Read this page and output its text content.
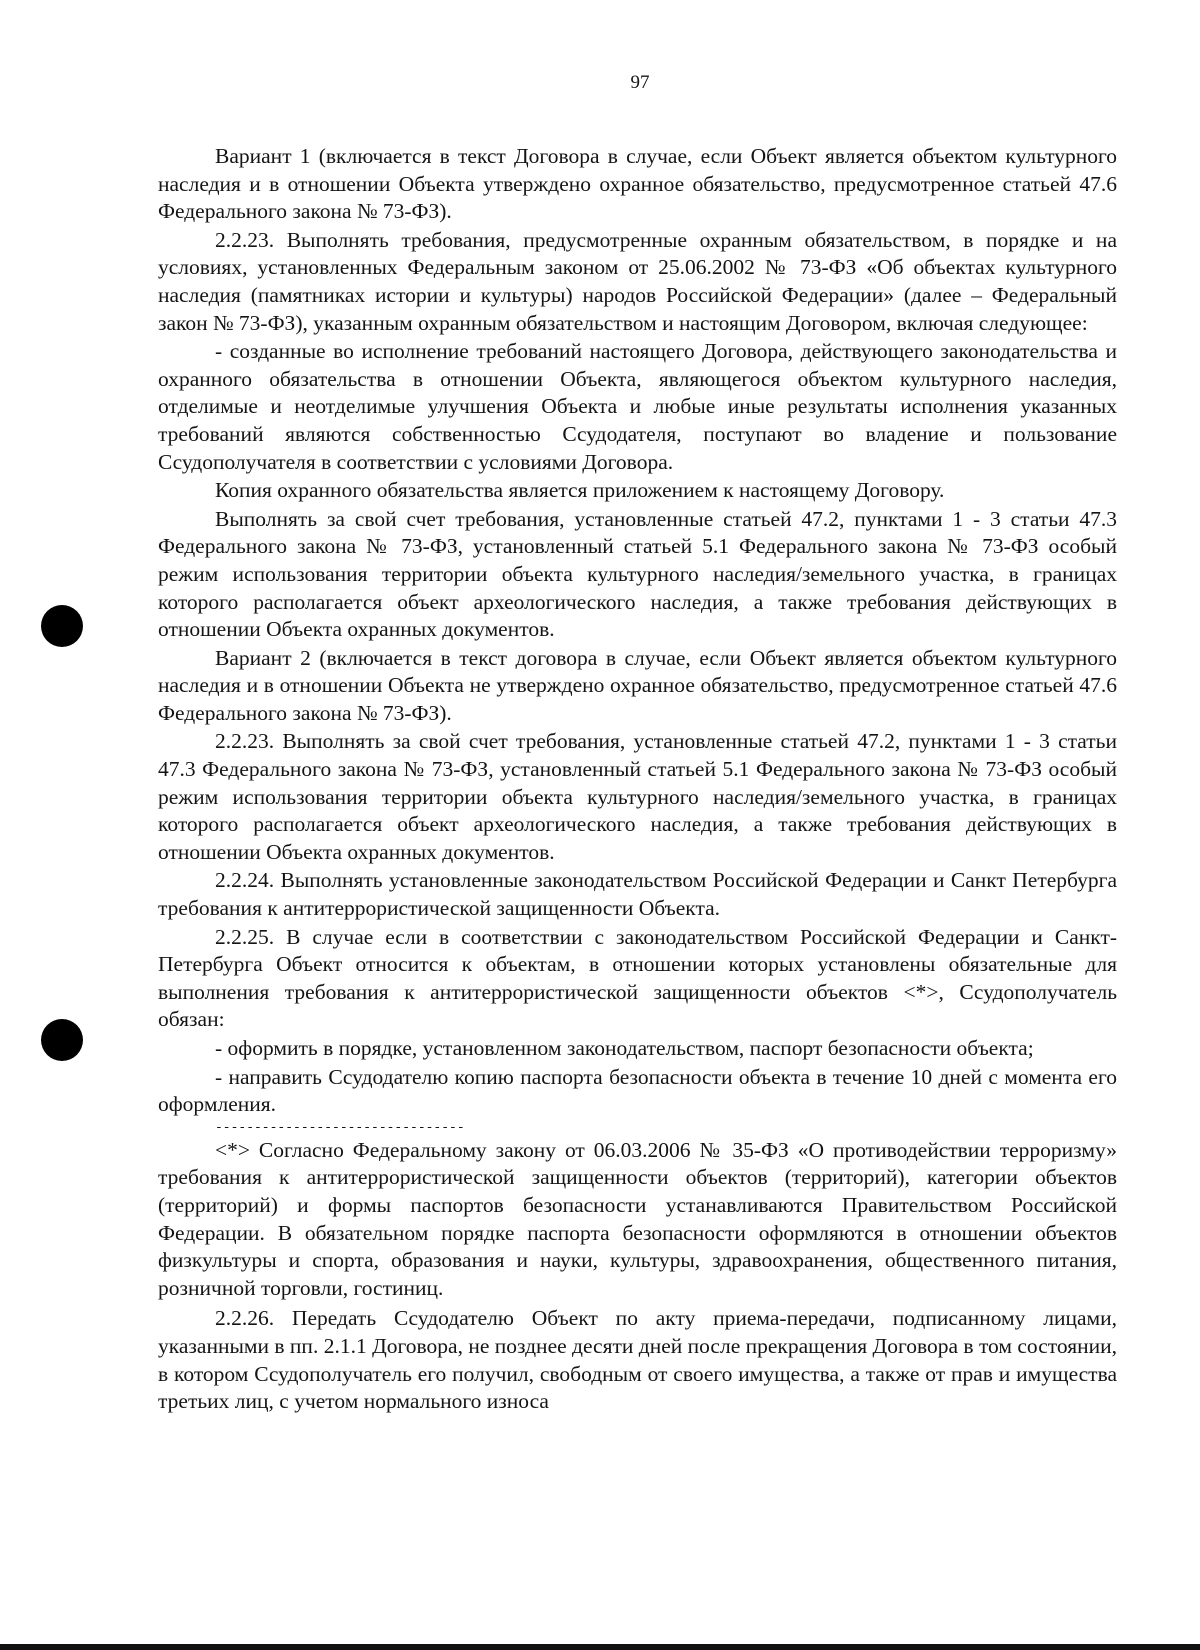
97

Вариант 1 (включается в текст Договора в случае, если Объект является объектом культурного наследия и в отношении Объекта утверждено охранное обязательство, предусмотренное статьей 47.6 Федерального закона № 73-ФЗ).

2.2.23. Выполнять требования, предусмотренные охранным обязательством, в порядке и на условиях, установленных Федеральным законом от 25.06.2002 № 73-ФЗ «Об объектах культурного наследия (памятниках истории и культуры) народов Российской Федерации» (далее – Федеральный закон № 73-ФЗ), указанным охранным обязательством и настоящим Договором, включая следующее:

- созданные во исполнение требований настоящего Договора, действующего законодательства и охранного обязательства в отношении Объекта, являющегося объектом культурного наследия, отделимые и неотделимые улучшения Объекта и любые иные результаты исполнения указанных требований являются собственностью Ссудодателя, поступают во владение и пользование Ссудополучателя в соответствии с условиями Договора.

Копия охранного обязательства является приложением к настоящему Договору.

Выполнять за свой счет требования, установленные статьей 47.2, пунктами 1 - 3 статьи 47.3 Федерального закона № 73-ФЗ, установленный статьей 5.1 Федерального закона № 73-ФЗ особый режим использования территории объекта культурного наследия/земельного участка, в границах которого располагается объект археологического наследия, а также требования действующих в отношении Объекта охранных документов.

Вариант 2 (включается в текст договора в случае, если Объект является объектом культурного наследия и в отношении Объекта не утверждено охранное обязательство, предусмотренное статьей 47.6 Федерального закона № 73-ФЗ).

2.2.23. Выполнять за свой счет требования, установленные статьей 47.2, пунктами 1 - 3 статьи 47.3 Федерального закона № 73-ФЗ, установленный статьей 5.1 Федерального закона № 73-ФЗ особый режим использования территории объекта культурного наследия/земельного участка, в границах которого располагается объект археологического наследия, а также требования действующих в отношении Объекта охранных документов.

2.2.24. Выполнять установленные законодательством Российской Федерации и Санкт Петербурга требования к антитеррористической защищенности Объекта.

2.2.25. В случае если в соответствии с законодательством Российской Федерации и Санкт-Петербурга Объект относится к объектам, в отношении которых установлены обязательные для выполнения требования к антитеррористической защищенности объектов <*>, Ссудополучатель обязан:

- оформить в порядке, установленном законодательством, паспорт безопасности объекта;

- направить Ссудодателю копию паспорта безопасности объекта в течение 10 дней с момента его оформления.

--------------------------------

<*> Согласно Федеральному закону от 06.03.2006 № 35-ФЗ «О противодействии терроризму» требования к антитеррористической защищенности объектов (территорий), категории объектов (территорий) и формы паспортов безопасности устанавливаются Правительством Российской Федерации. В обязательном порядке паспорта безопасности оформляются в отношении объектов физкультуры и спорта, образования и науки, культуры, здравоохранения, общественного питания, розничной торговли, гостиниц.

2.2.26. Передать Ссудодателю Объект по акту приема-передачи, подписанному лицами, указанными в пп. 2.1.1 Договора, не позднее десяти дней после прекращения Договора в том состоянии, в котором Ссудополучатель его получил, свободным от своего имущества, а также от прав и имущества третьих лиц, с учетом нормального износа
